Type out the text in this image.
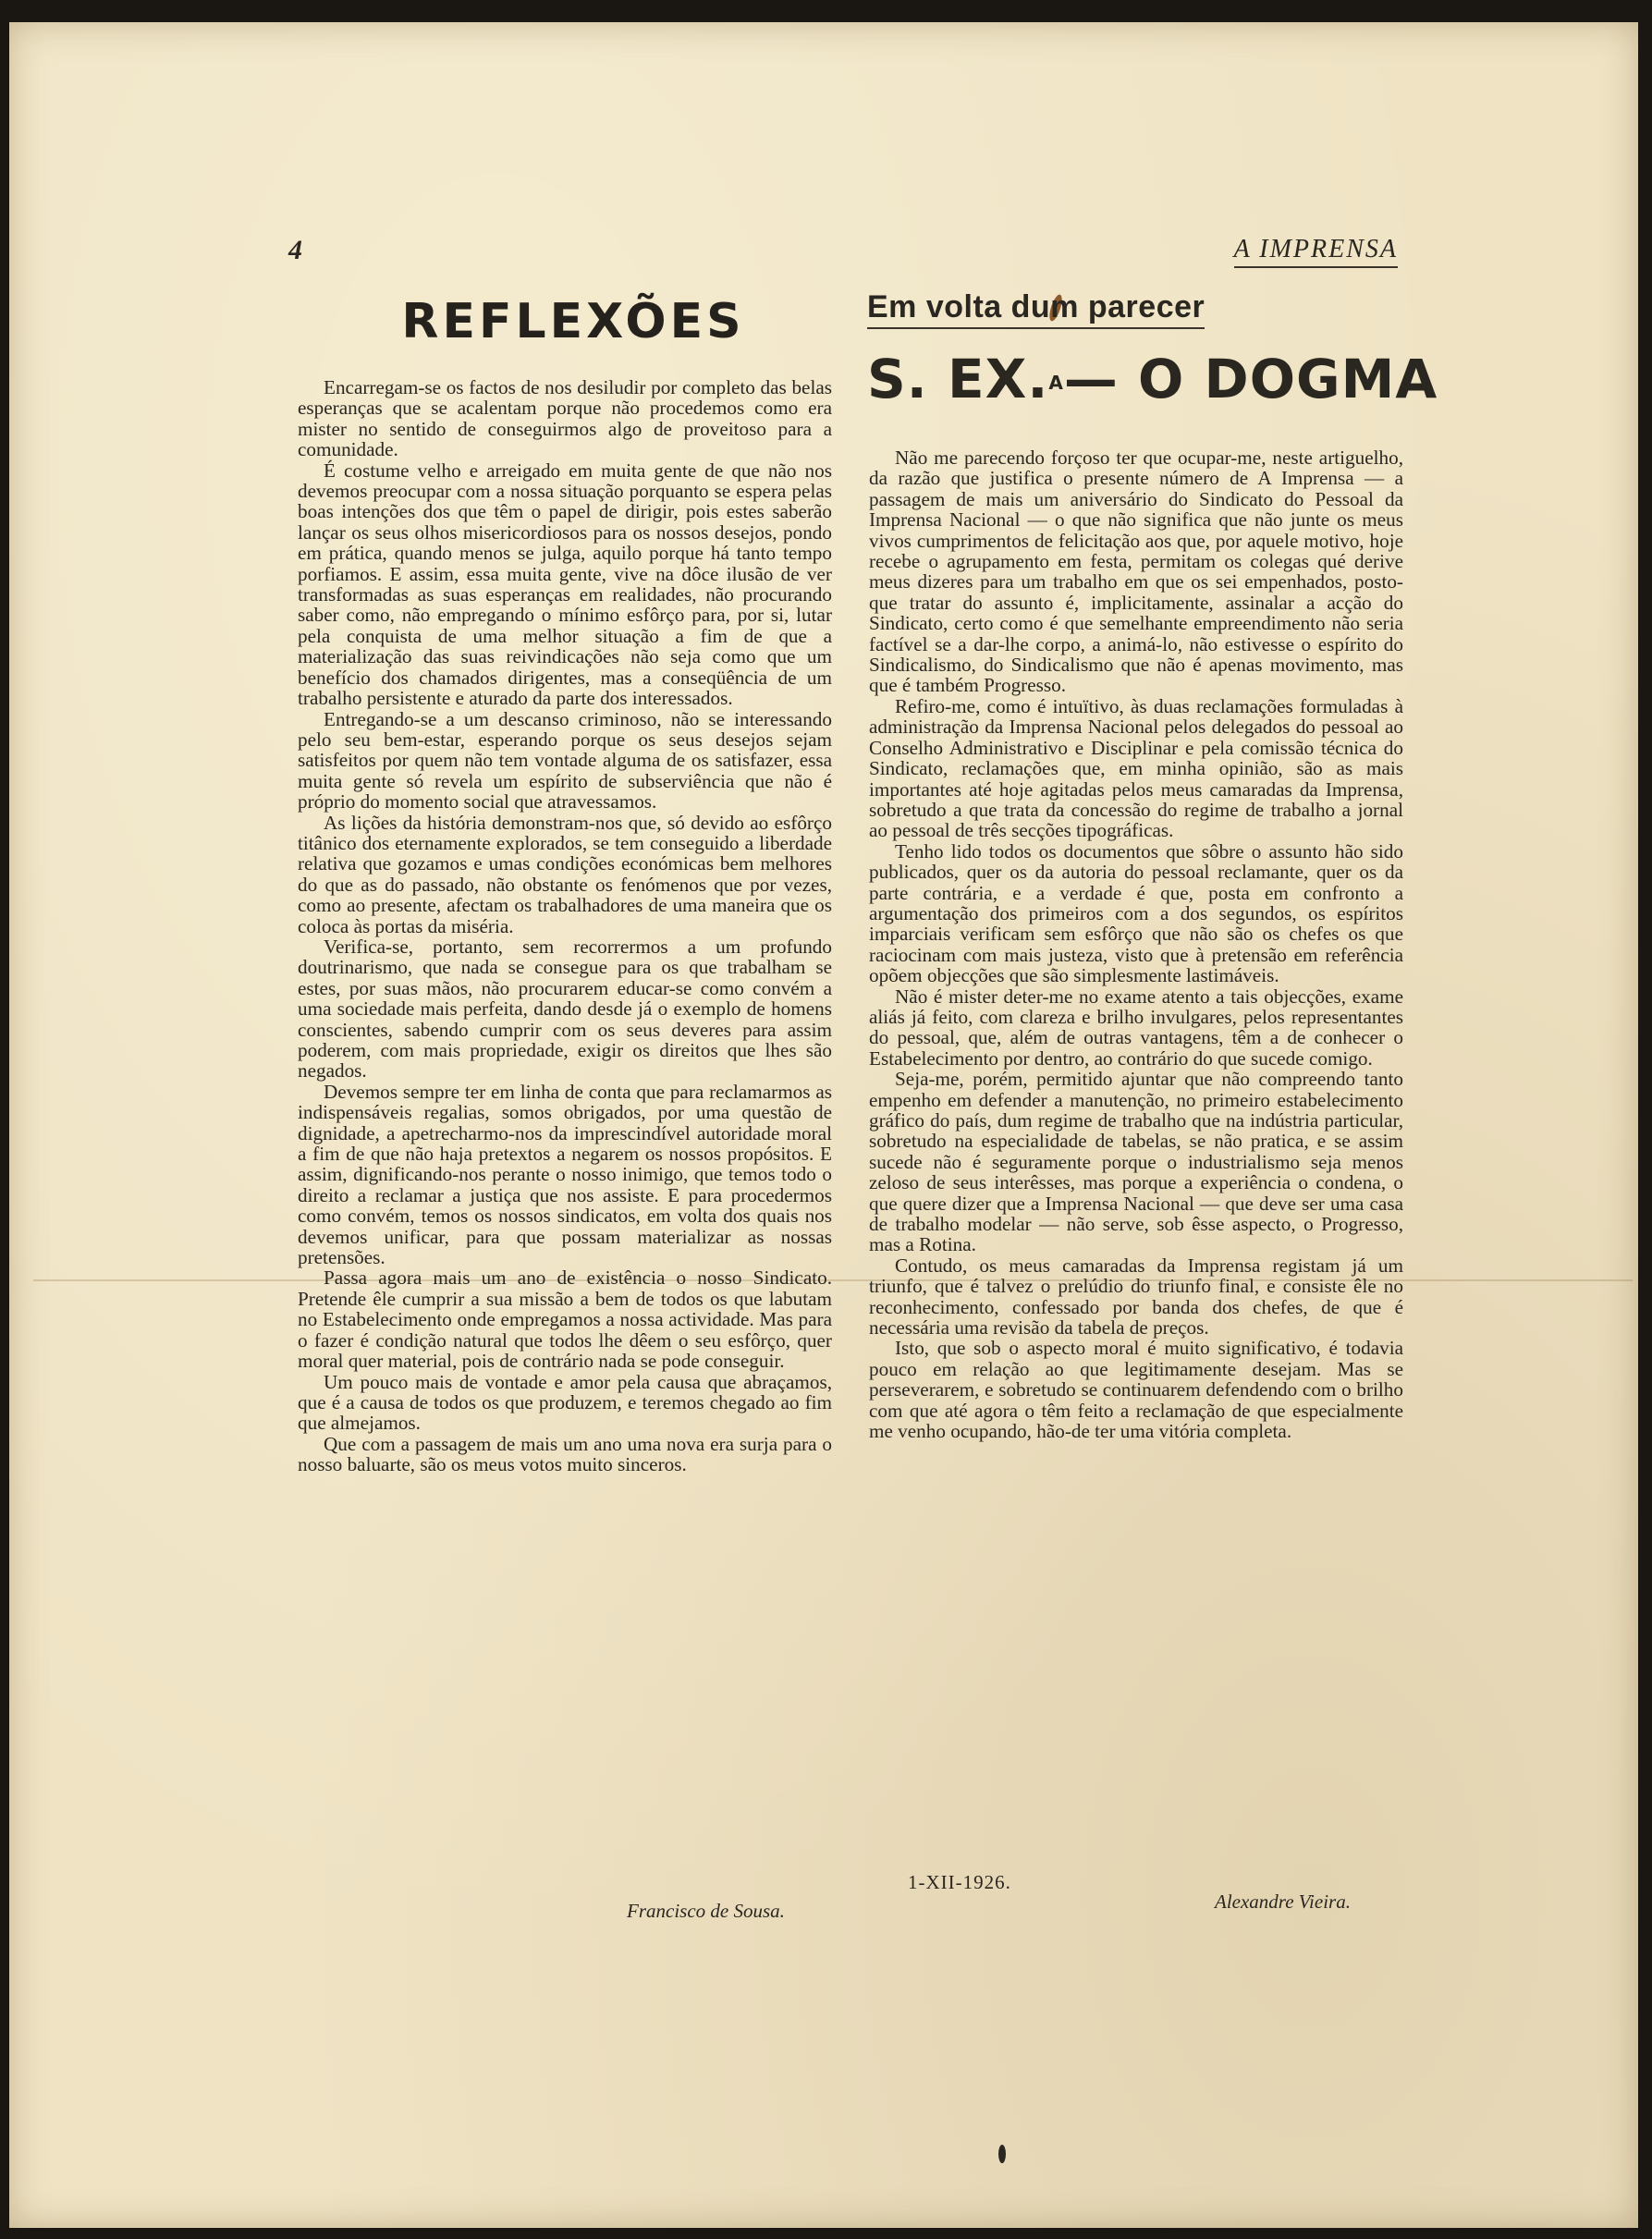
4	A IMPRENSA
REFLEXÕES

Encarregam-se os factos de nos desiludir por completo das belas esperanças que se acalentam porque não procedemos como era mister no sentido de conseguirmos algo de proveitoso para a comunidade.

É costume velho e arreigado em muita gente de que não nos devemos preocupar com a nossa situação porquanto se espera pelas boas intenções dos que têm o papel de dirigir, pois estes saberão lançar os seus olhos misericordiosos para os nossos desejos, pondo em prática, quando menos se julga, aquilo porque há tanto tempo porfiamos. E assim, essa muita gente, vive na dôce ilusão de ver transformadas as suas esperanças em realidades, não procurando saber como, não empregando o mínimo esfôrço para, por si, lutar pela conquista de uma melhor situação a fim de que a materialização das suas reivindicações não seja como que um benefício dos chamados dirigentes, mas a conseqüência de um trabalho persistente e aturado da parte dos interessados.

Entregando-se a um descanso criminoso, não se interessando pelo seu bem-estar, esperando porque os seus desejos sejam satisfeitos por quem não tem vontade alguma de os satisfazer, essa muita gente só revela um espírito de subserviência que não é próprio do momento social que atravessamos.

As lições da história demonstram-nos que, só devido ao esfôrço titânico dos eternamente explorados, se tem conseguido a liberdade relativa que gozamos e umas condições económicas bem melhores do que as do passado, não obstante os fenómenos que por vezes, como ao presente, afectam os trabalhadores de uma maneira que os coloca às portas da miséria.

Verifica-se, portanto, sem recorrermos a um profundo doutrinarismo, que nada se consegue para os que trabalham se estes, por suas mãos, não procurarem educar-se como convém a uma sociedade mais perfeita, dando desde já o exemplo de homens conscientes, sabendo cumprir com os seus deveres para assim poderem, com mais propriedade, exigir os direitos que lhes são negados.

Devemos sempre ter em linha de conta que para reclamarmos as indispensáveis regalias, somos obrigados, por uma questão de dignidade, a apetrecharmo-nos da imprescindível autoridade moral a fim de que não haja pretextos a negarem os nossos propósitos. E assim, dignificando-nos perante o nosso inimigo, que temos todo o direito a reclamar a justiça que nos assiste. E para procedermos como convém, temos os nossos sindicatos, em volta dos quais nos devemos unificar, para que possam materializar as nossas pretensões.

Passa agora mais um ano de existência o nosso Sindicato. Pretende êle cumprir a sua missão a bem de todos os que labutam no Estabelecimento onde empregamos a nossa actividade. Mas para o fazer é condição natural que todos lhe dêem o seu esfôrço, quer moral quer material, pois de contrário nada se pode conseguir.

Um pouco mais de vontade e amor pela causa que abraçamos, que é a causa de todos os que produzem, e teremos chegado ao fim que almejamos.

Que com a passagem de mais um ano uma nova era surja para o nosso baluarte, são os meus votos muito sinceros.

Francisco de Sousa.
Em volta dum parecer
S. EX.$^A$— O DOGMA

Não me parecendo forçoso ter que ocupar-me, neste artiguelho, da razão que justifica o presente número de A Imprensa — a passagem de mais um aniversário do Sindicato do Pessoal da Imprensa Nacional — o que não significa que não junte os meus vivos cumprimentos de felicitação aos que, por aquele motivo, hoje recebe o agrupamento em festa, permitam os colegas qué derive meus dizeres para um trabalho em que os sei empenhados, posto-que tratar do assunto é, implicitamente, assinalar a acção do Sindicato, certo como é que semelhante empreendimento não seria factível se a dar-lhe corpo, a animá-lo, não estivesse o espírito do Sindicalismo, do Sindicalismo que não é apenas movimento, mas que é também Progresso.

Refiro-me, como é intuïtivo, às duas reclamações formuladas à administração da Imprensa Nacional pelos delegados do pessoal ao Conselho Administrativo e Disciplinar e pela comissão técnica do Sindicato, reclamações que, em minha opinião, são as mais importantes até hoje agitadas pelos meus camaradas da Imprensa, sobretudo a que trata da concessão do regime de trabalho a jornal ao pessoal de três secções tipográficas.

Tenho lido todos os documentos que sôbre o assunto hão sido publicados, quer os da autoria do pessoal reclamante, quer os da parte contrária, e a verdade é que, posta em confronto a argumentação dos primeiros com a dos segundos, os espíritos imparciais verificam sem esfôrço que não são os chefes os que raciocinam com mais justeza, visto que à pretensão em referência opõem objecções que são simplesmente lastimáveis.

Não é mister deter-me no exame atento a tais objecções, exame aliás já feito, com clareza e brilho invulgares, pelos representantes do pessoal, que, além de outras vantagens, têm a de conhecer o Estabelecimento por dentro, ao contrário do que sucede comigo.

Seja-me, porém, permitido ajuntar que não compreendo tanto empenho em defender a manutenção, no primeiro estabelecimento gráfico do país, dum regime de trabalho que na indústria particular, sobretudo na especialidade de tabelas, se não pratica, e se assim sucede não é seguramente porque o industrialismo seja menos zeloso de seus interêsses, mas porque a experiência o condena, o que quere dizer que a Imprensa Nacional — que deve ser uma casa de trabalho modelar — não serve, sob êsse aspecto, o Progresso, mas a Rotina.

Contudo, os meus camaradas da Imprensa registam já um triunfo, que é talvez o prelúdio do triunfo final, e consiste êle no reconhecimento, confessado por banda dos chefes, de que é necessária uma revisão da tabela de preços.

Isto, que sob o aspecto moral é muito significativo, é todavia pouco em relação ao que legitimamente desejam. Mas se perseverarem, e sobretudo se continuarem defendendo com o brilho com que até agora o têm feito a reclamação de que especialmente me venho ocupando, hão-de ter uma vitória completa.

1-XII-1926.
Alexandre Vieira.
